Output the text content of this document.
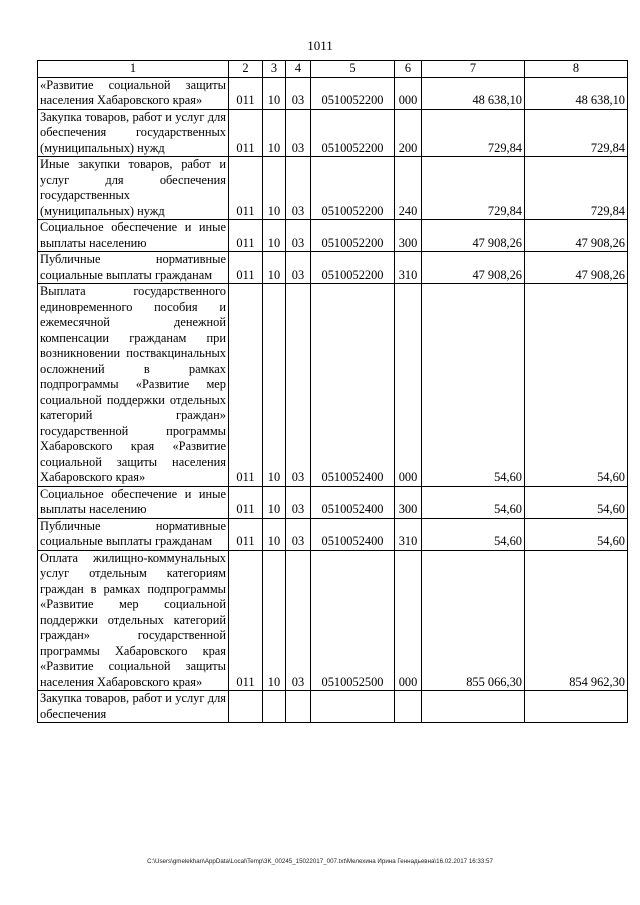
1011
1	2	3	4	5	6	7	8
«Развитие социальной защиты населения Хабаровского края»	011	10	03	0510052200	000	48 638,10	48 638,10
Закупка товаров, работ и услуг для обеспечения государственных (муниципальных) нужд	011	10	03	0510052200	200	729,84	729,84
Иные закупки товаров, работ и услуг для обеспечения государственных (муниципальных) нужд	011	10	03	0510052200	240	729,84	729,84
Социальное обеспечение и иные выплаты населению	011	10	03	0510052200	300	47 908,26	47 908,26
Публичные нормативные социальные выплаты гражданам	011	10	03	0510052200	310	47 908,26	47 908,26
Выплата государственного единовременного пособия и ежемесячной денежной компенсации гражданам при возникновении поствакцинальных осложнений в рамках подпрограммы «Развитие мер социальной поддержки отдельных категорий граждан» государственной программы Хабаровского края «Развитие социальной защиты населения Хабаровского края»	011	10	03	0510052400	000	54,60	54,60
Социальное обеспечение и иные выплаты населению	011	10	03	0510052400	300	54,60	54,60
Публичные нормативные социальные выплаты гражданам	011	10	03	0510052400	310	54,60	54,60
Оплата жилищно-коммунальных услуг отдельным категориям граждан в рамках подпрограммы «Развитие мер социальной поддержки отдельных категорий граждан» государственной программы Хабаровского края «Развитие социальной защиты населения Хабаровского края»	011	10	03	0510052500	000	855 066,30	854 962,30
Закупка товаров, работ и услуг для обеспечения							
C:\Users\gmelekhan\AppData\Local\Temp\3K_00245_15022017_007.txt\Мелехина Ирина Геннадьевна\16.02.2017 16:33:57
